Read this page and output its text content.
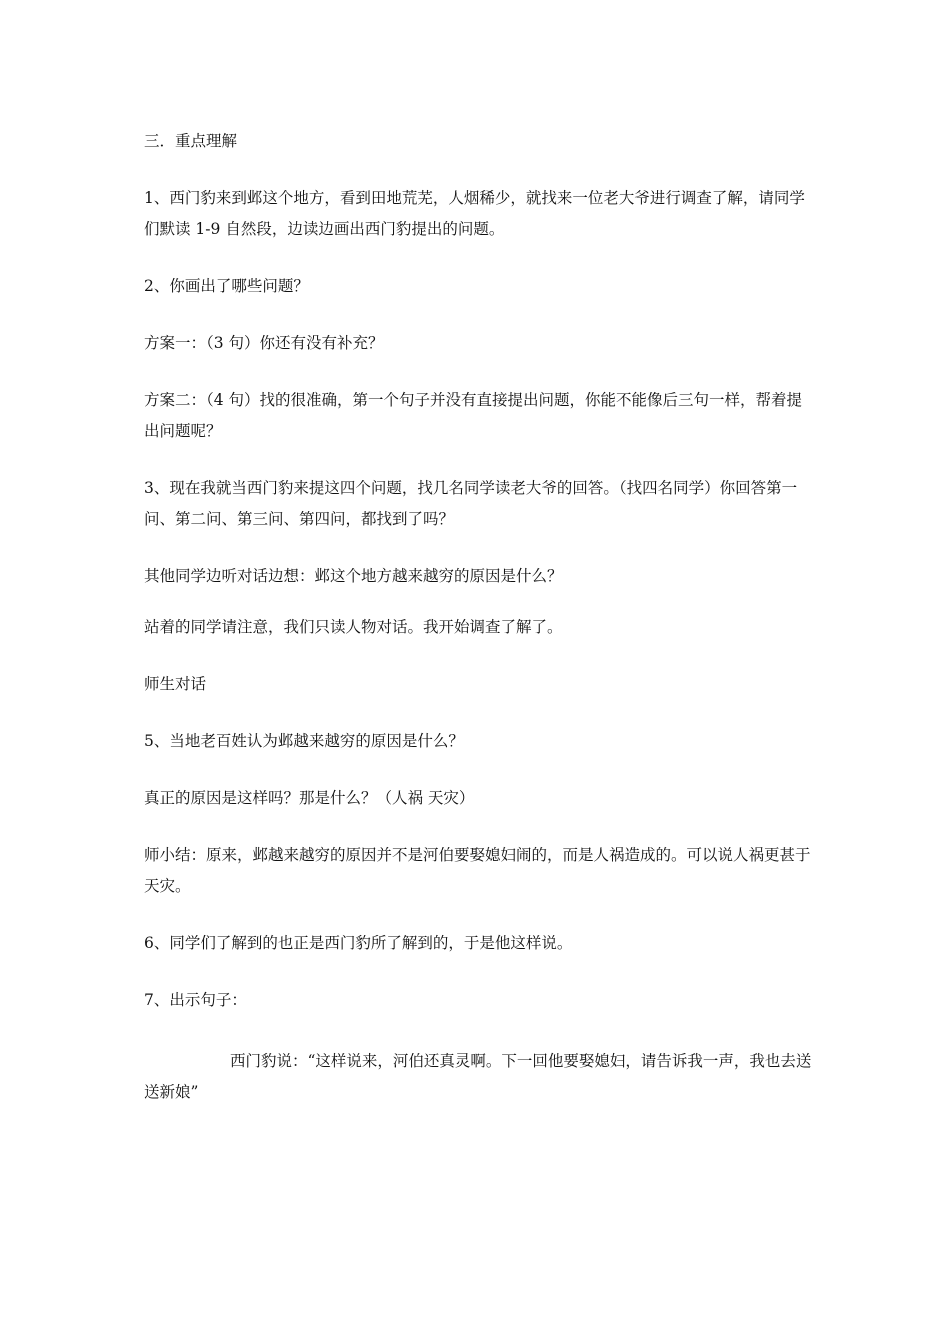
三．重点理解

1、西门豹来到邺这个地方，看到田地荒芜，人烟稀少，就找来一位老大爷进行调查了解，请同学们默读 1-9 自然段，边读边画出西门豹提出的问题。

2、你画出了哪些问题？

方案一：（3 句）你还有没有补充？

方案二：（4 句）找的很准确，第一个句子并没有直接提出问题，你能不能像后三句一样，帮着提出问题呢？

3、现在我就当西门豹来提这四个问题，找几名同学读老大爷的回答。（找四名同学）你回答第一问、第二问、第三问、第四问，都找到了吗？

其他同学边听对话边想：邺这个地方越来越穷的原因是什么？

站着的同学请注意，我们只读人物对话。我开始调查了解了。

师生对话

5、当地老百姓认为邺越来越穷的原因是什么？

真正的原因是这样吗？那是什么？（人祸 天灾）

师小结：原来，邺越来越穷的原因并不是河伯要娶媳妇闹的，而是人祸造成的。可以说人祸更甚于天灾。

6、同学们了解到的也正是西门豹所了解到的，于是他这样说。

7、出示句子：

西门豹说：“这样说来，河伯还真灵啊。下一回他要娶媳妇，请告诉我一声，我也去送送新娘”
